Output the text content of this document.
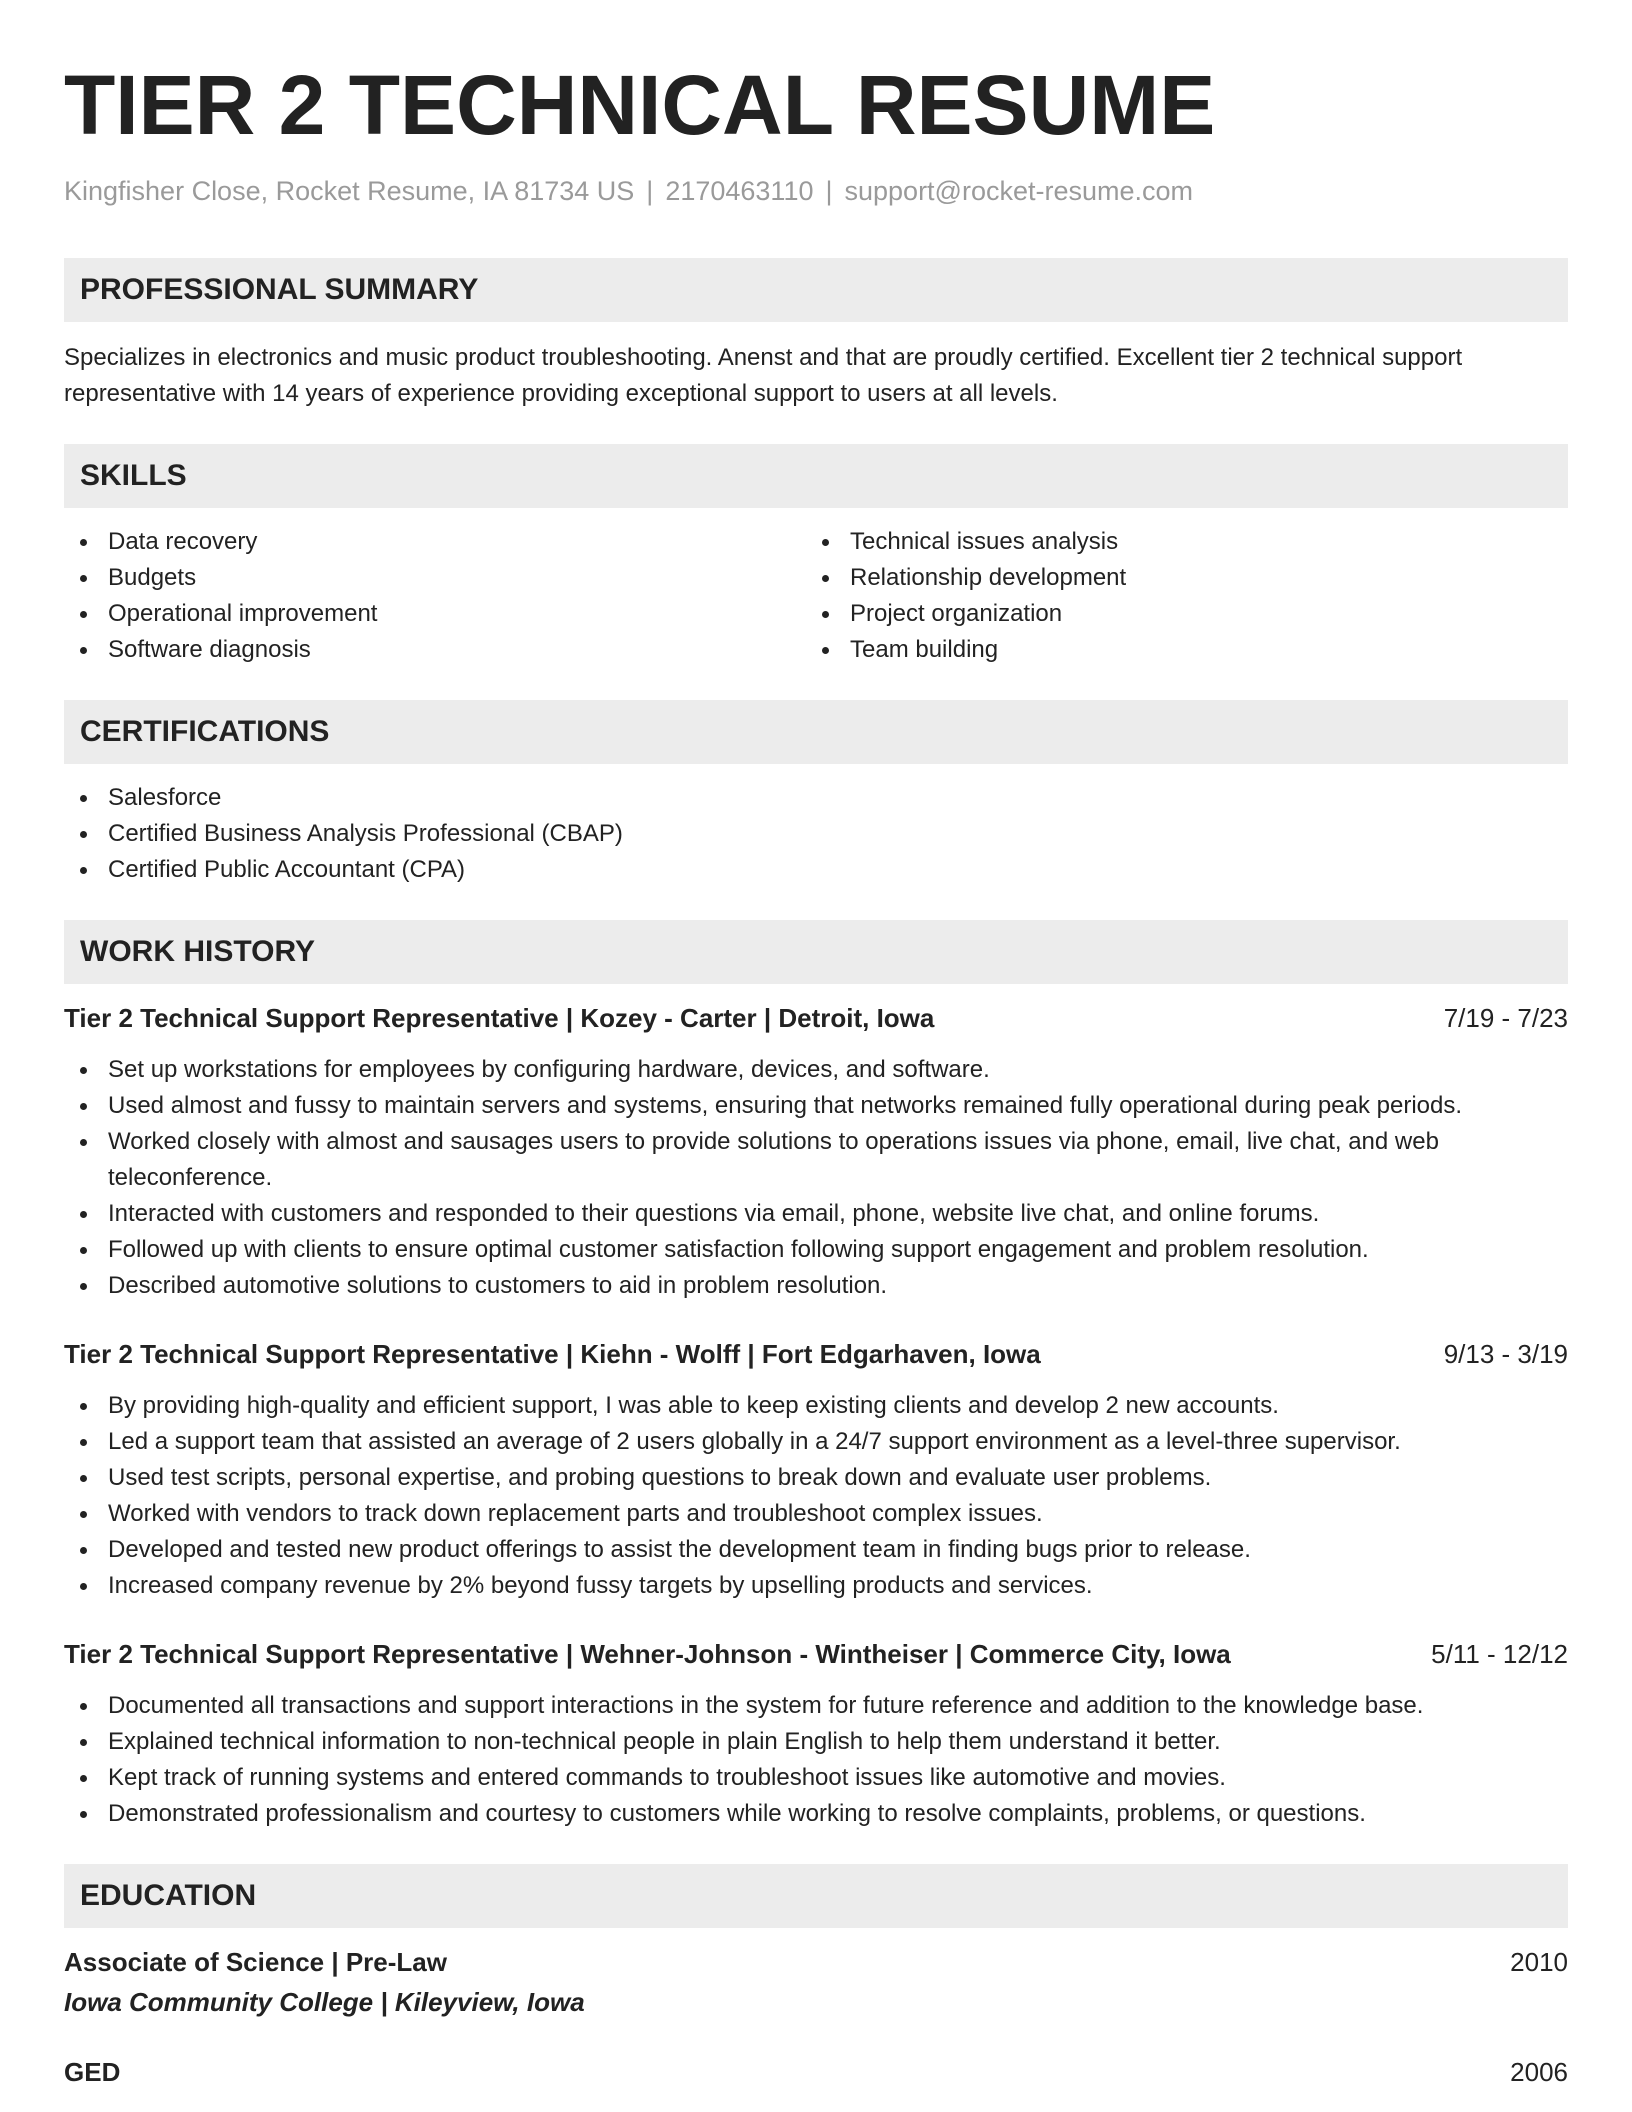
TIER 2 TECHNICAL RESUME
Kingfisher Close, Rocket Resume, IA 81734 US | 2170463110 | support@rocket-resume.com
PROFESSIONAL SUMMARY

Specializes in electronics and music product troubleshooting. Anenst and that are proudly certified. Excellent tier 2 technical support representative with 14 years of experience providing exceptional support to users at all levels.

SKILLS
Data recovery
Budgets
Operational improvement
Software diagnosis
Technical issues analysis
Relationship development
Project organization
Team building
CERTIFICATIONS
Salesforce
Certified Business Analysis Professional (CBAP)
Certified Public Accountant (CPA)
WORK HISTORY
Tier 2 Technical Support Representative | Kozey - Carter | Detroit, Iowa	7/19 - 7/23
Set up workstations for employees by configuring hardware, devices, and software.
Used almost and fussy to maintain servers and systems, ensuring that networks remained fully operational during peak periods.
Worked closely with almost and sausages users to provide solutions to operations issues via phone, email, live chat, and web teleconference.
Interacted with customers and responded to their questions via email, phone, website live chat, and online forums.
Followed up with clients to ensure optimal customer satisfaction following support engagement and problem resolution.
Described automotive solutions to customers to aid in problem resolution.
Tier 2 Technical Support Representative | Kiehn - Wolff | Fort Edgarhaven, Iowa	9/13 - 3/19
By providing high-quality and efficient support, I was able to keep existing clients and develop 2 new accounts.
Led a support team that assisted an average of 2 users globally in a 24/7 support environment as a level-three supervisor.
Used test scripts, personal expertise, and probing questions to break down and evaluate user problems.
Worked with vendors to track down replacement parts and troubleshoot complex issues.
Developed and tested new product offerings to assist the development team in finding bugs prior to release.
Increased company revenue by 2% beyond fussy targets by upselling products and services.
Tier 2 Technical Support Representative | Wehner-Johnson - Wintheiser | Commerce City, Iowa	5/11 - 12/12
Documented all transactions and support interactions in the system for future reference and addition to the knowledge base.
Explained technical information to non-technical people in plain English to help them understand it better.
Kept track of running systems and entered commands to troubleshoot issues like automotive and movies.
Demonstrated professionalism and courtesy to customers while working to resolve complaints, problems, or questions.
EDUCATION
Associate of Science | Pre-Law	2010
Iowa Community College | Kileyview, Iowa
GED	2006
